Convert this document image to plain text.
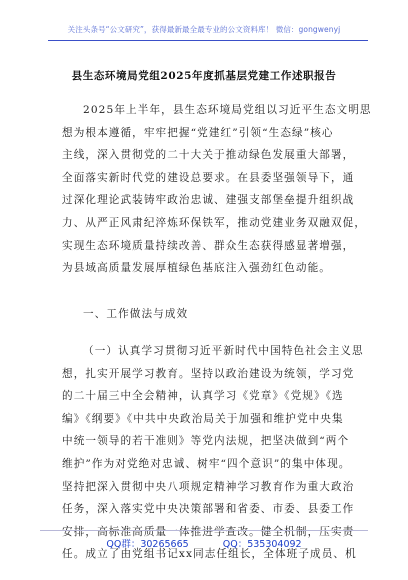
关注头条号“公文研究”，获得最新最全最专业的公文资料库！ 微信：gongwenyj
县生态环境局党组2025年度抓基层党建工作述职报告
2025年上半年，县生态环境局党组以习近平生态文明思
想为根本遵循，牢牢把握“党建红”引领“生态绿”核心
主线，深入贯彻党的二十大关于推动绿色发展重大部署，
全面落实新时代党的建设总要求。在县委坚强领导下，通
过深化理论武装铸牢政治忠诚、建强支部堡垒提升组织战
力、从严正风肃纪淬炼环保铁军，推动党建业务双融双促，
实现生态环境质量持续改善、群众生态获得感显著增强，
为县域高质量发展厚植绿色基底注入强劲红色动能。
一、工作做法与成效
（一）认真学习贯彻习近平新时代中国特色社会主义思
想，扎实开展学习教育。坚持以政治建设为统领，学习党
的二十届三中全会精神，认真学习《党章》《党规》《选
编》《纲要》《中共中央政治局关于加强和维护党中央集
中统一领导的若干准则》等党内法规，把坚决做到“两个
维护”作为对党绝对忠诚、树牢“四个意识”的集中体现。
坚持把深入贯彻中央八项规定精神学习教育作为重大政治
任务，深入落实党中央决策部署和省委、市委、县委工作
安排，高标准高质量一体推进学查改。健全机制，压实责
任。成立了由党组书记xx同志任组长，全体班子成员、机
QQ群：30265665	QQ：535304092
